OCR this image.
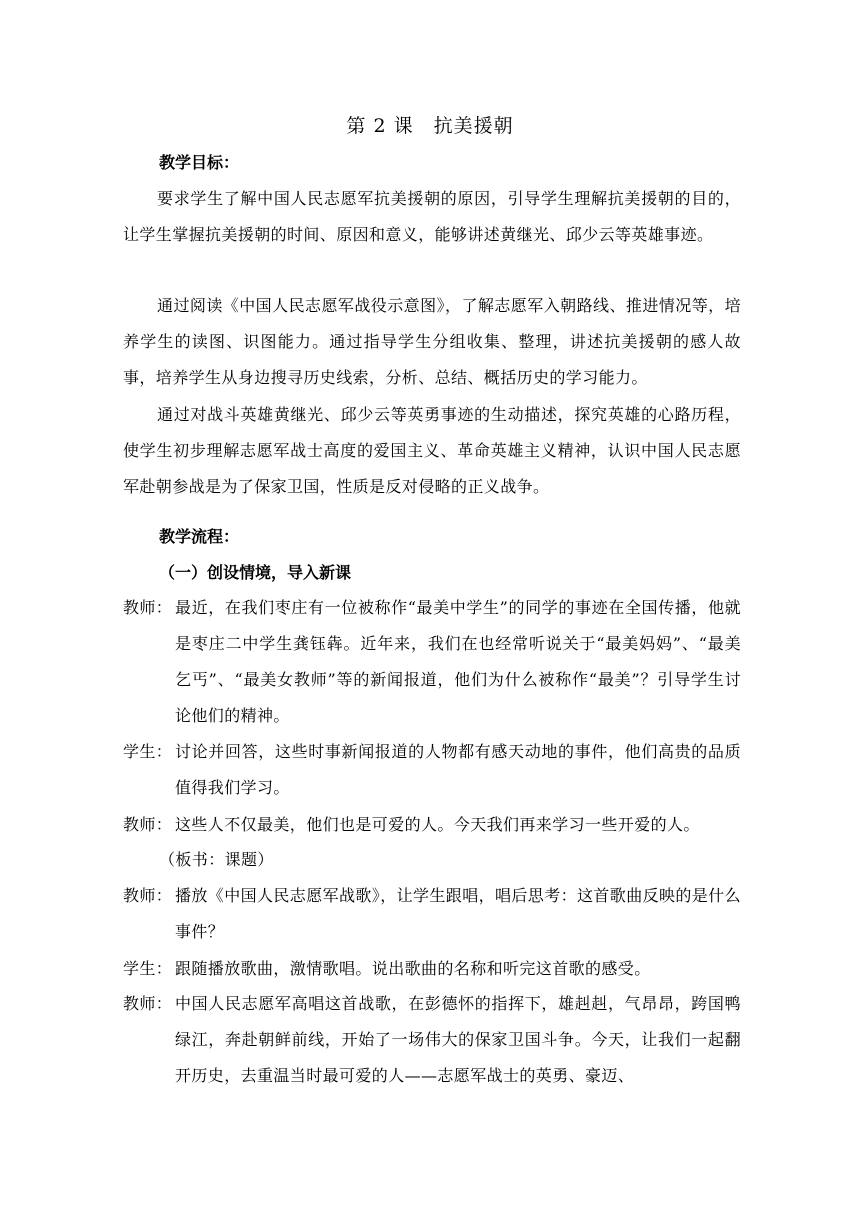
第 2 课　抗美援朝
教学目标：
要求学生了解中国人民志愿军抗美援朝的原因，引导学生理解抗美援朝的目的，让学生掌握抗美援朝的时间、原因和意义，能够讲述黄继光、邱少云等英雄事迹。
通过阅读《中国人民志愿军战役示意图》，了解志愿军入朝路线、推进情况等，培养学生的读图、识图能力。通过指导学生分组收集、整理，讲述抗美援朝的感人故事，培养学生从身边搜寻历史线索，分析、总结、概括历史的学习能力。
通过对战斗英雄黄继光、邱少云等英勇事迹的生动描述，探究英雄的心路历程，使学生初步理解志愿军战士高度的爱国主义、革命英雄主义精神，认识中国人民志愿军赴朝参战是为了保家卫国，性质是反对侵略的正义战争。
教学流程：
（一）创设情境，导入新课
教师： 最近，在我们枣庄有一位被称作“最美中学生”的同学的事迹在全国传播，他就是枣庄二中学生龚钰犇。近年来，我们在也经常听说关于“最美妈妈”、“最美乞丐”、“最美女教师”等的新闻报道，他们为什么被称作“最美”？引导学生讨论他们的精神。
学生： 讨论并回答，这些时事新闻报道的人物都有感天动地的事件，他们高贵的品质值得我们学习。
教师： 这些人不仅最美，他们也是可爱的人。今天我们再来学习一些开爱的人。
（板书：课题）
教师： 播放《中国人民志愿军战歌》，让学生跟唱，唱后思考：这首歌曲反映的是什么事件？
学生： 跟随播放歌曲，激情歌唱。说出歌曲的名称和听完这首歌的感受。
教师： 中国人民志愿军高唱这首战歌，在彭德怀的指挥下，雄赳赳，气昂昂，跨国鸭绿江，奔赴朝鲜前线，开始了一场伟大的保家卫国斗争。今天，让我们一起翻开历史，去重温当时最可爱的人——志愿军战士的英勇、豪迈、
